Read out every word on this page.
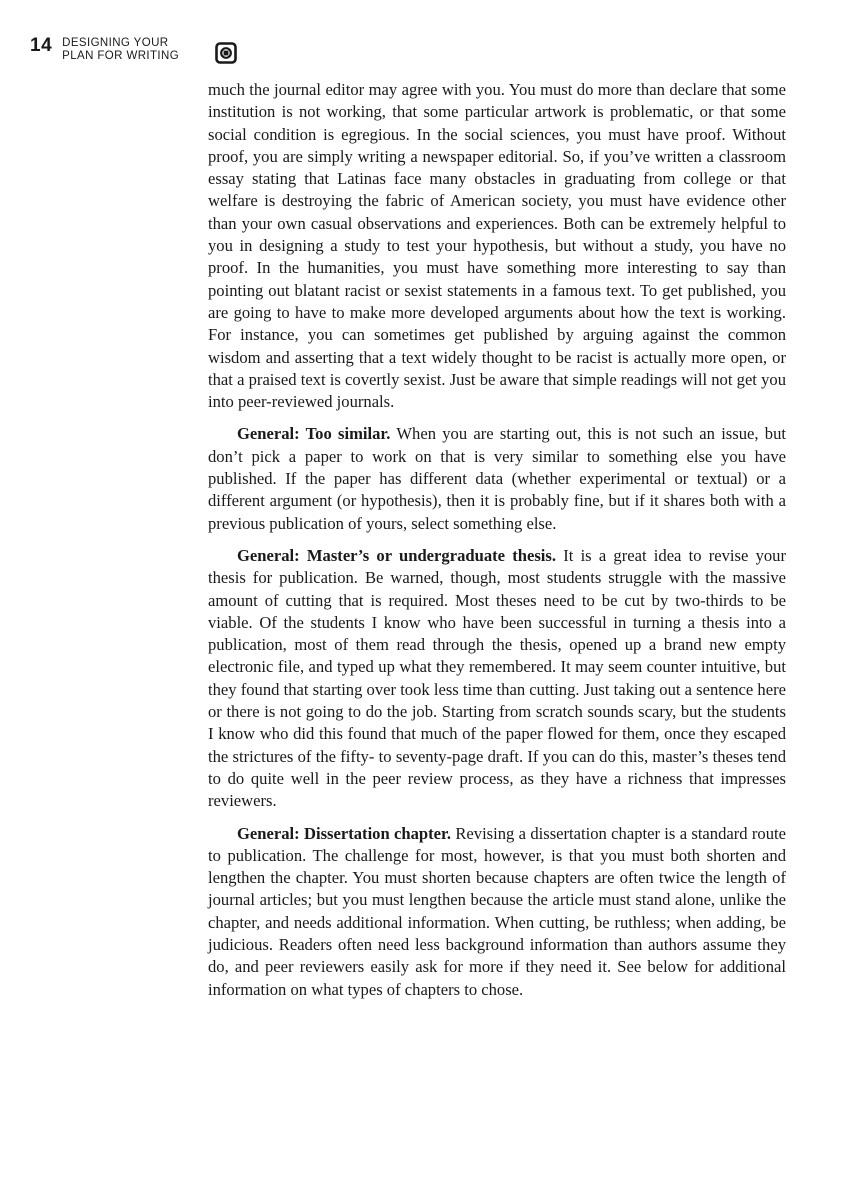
14 DESIGNING YOUR
PLAN FOR WRITING

much the journal editor may agree with you. You must do more than declare that some institution is not working, that some particular artwork is problematic, or that some social condition is egregious. In the social sciences, you must have proof. Without proof, you are simply writing a newspaper editorial. So, if you’ve written a classroom essay stating that Latinas face many obstacles in graduating from college or that welfare is destroying the fabric of American society, you must have evidence other than your own casual observations and experiences. Both can be extremely helpful to you in designing a study to test your hypothesis, but without a study, you have no proof. In the humanities, you must have something more interesting to say than pointing out blatant racist or sexist statements in a famous text. To get published, you are going to have to make more developed arguments about how the text is working. For instance, you can sometimes get published by arguing against the common wisdom and asserting that a text widely thought to be racist is actually more open, or that a praised text is covertly sexist. Just be aware that simple readings will not get you into peer-reviewed journals.

General: Too similar. When you are starting out, this is not such an issue, but don’t pick a paper to work on that is very similar to something else you have published. If the paper has different data (whether experimental or textual) or a different argument (or hypothesis), then it is probably fine, but if it shares both with a previous publication of yours, select something else.

General: Master’s or undergraduate thesis. It is a great idea to revise your thesis for publication. Be warned, though, most students struggle with the massive amount of cutting that is required. Most theses need to be cut by two-thirds to be viable. Of the students I know who have been successful in turning a thesis into a publication, most of them read through the thesis, opened up a brand new empty electronic file, and typed up what they remembered. It may seem counter intuitive, but they found that starting over took less time than cutting. Just taking out a sentence here or there is not going to do the job. Starting from scratch sounds scary, but the students I know who did this found that much of the paper flowed for them, once they escaped the strictures of the fifty- to seventy-page draft. If you can do this, master’s theses tend to do quite well in the peer review process, as they have a richness that impresses reviewers.

General: Dissertation chapter. Revising a dissertation chapter is a standard route to publication. The challenge for most, however, is that you must both shorten and lengthen the chapter. You must shorten because chapters are often twice the length of journal articles; but you must lengthen because the article must stand alone, unlike the chapter, and needs additional information. When cutting, be ruthless; when adding, be judicious. Readers often need less background information than authors assume they do, and peer reviewers easily ask for more if they need it. See below for additional information on what types of chapters to chose.
